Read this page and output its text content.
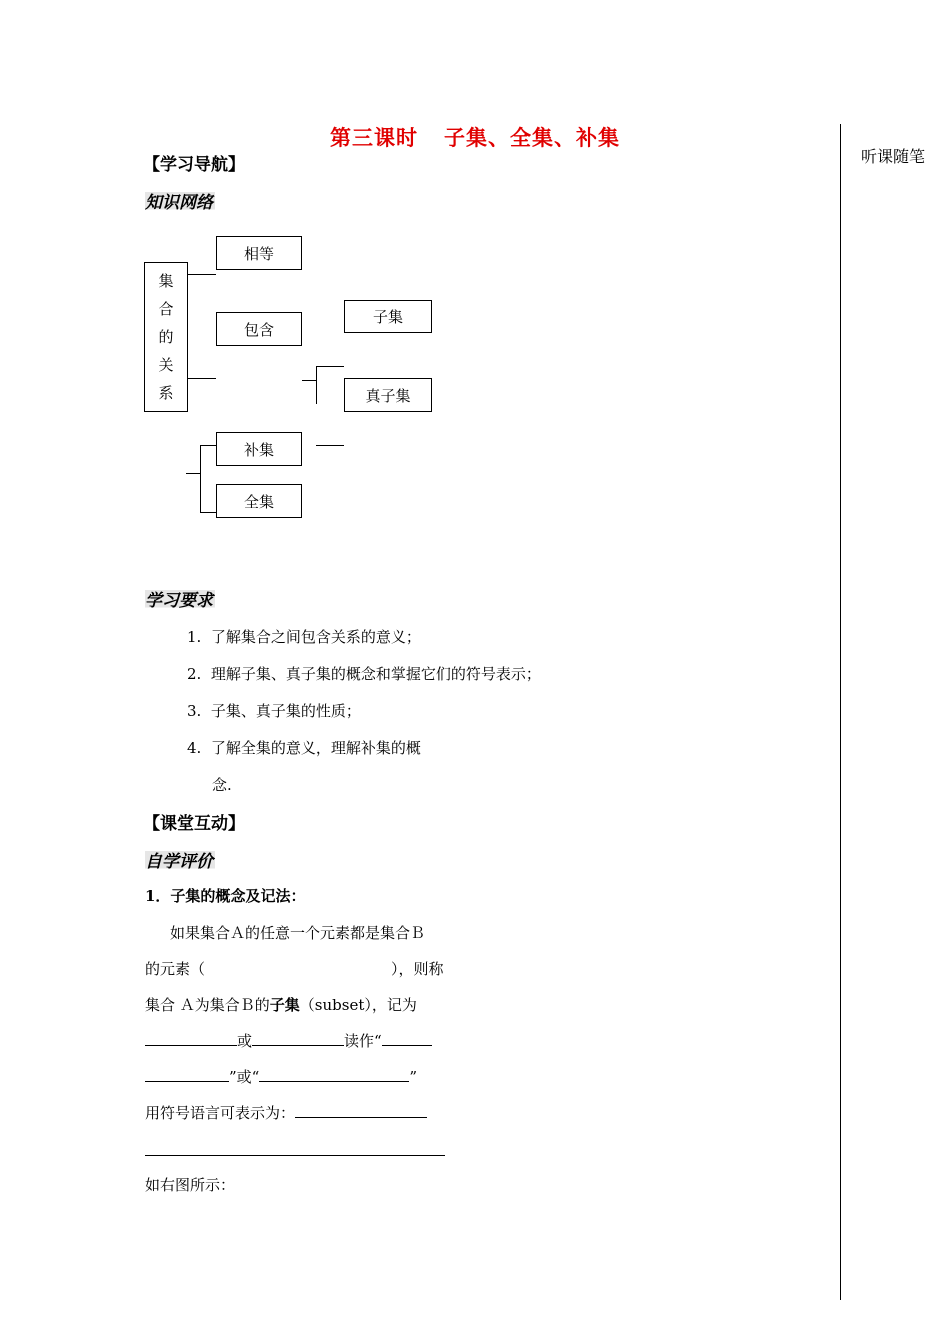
第三课时 子集、全集、补集
听课随笔
【学习导航】
知识网络
集
合
的
关
系
相等
包含
子集
真子集
补集
全集
学习要求
1. 了解集合之间包含关系的意义；
2. 理解子集、真子集的概念和掌握它们的符号表示；
3. 子集、真子集的性质；
4. 了解全集的意义，理解补集的概
念.
【课堂互动】
自学评价
1．子集的概念及记法：
如果集合Ａ的任意一个元素都是集合Ｂ
的元素（	），则称
集合 Ａ为集合Ｂ的子集（subset），记为
或	读作“
”或“	”
用符号语言可表示为：
如右图所示：
